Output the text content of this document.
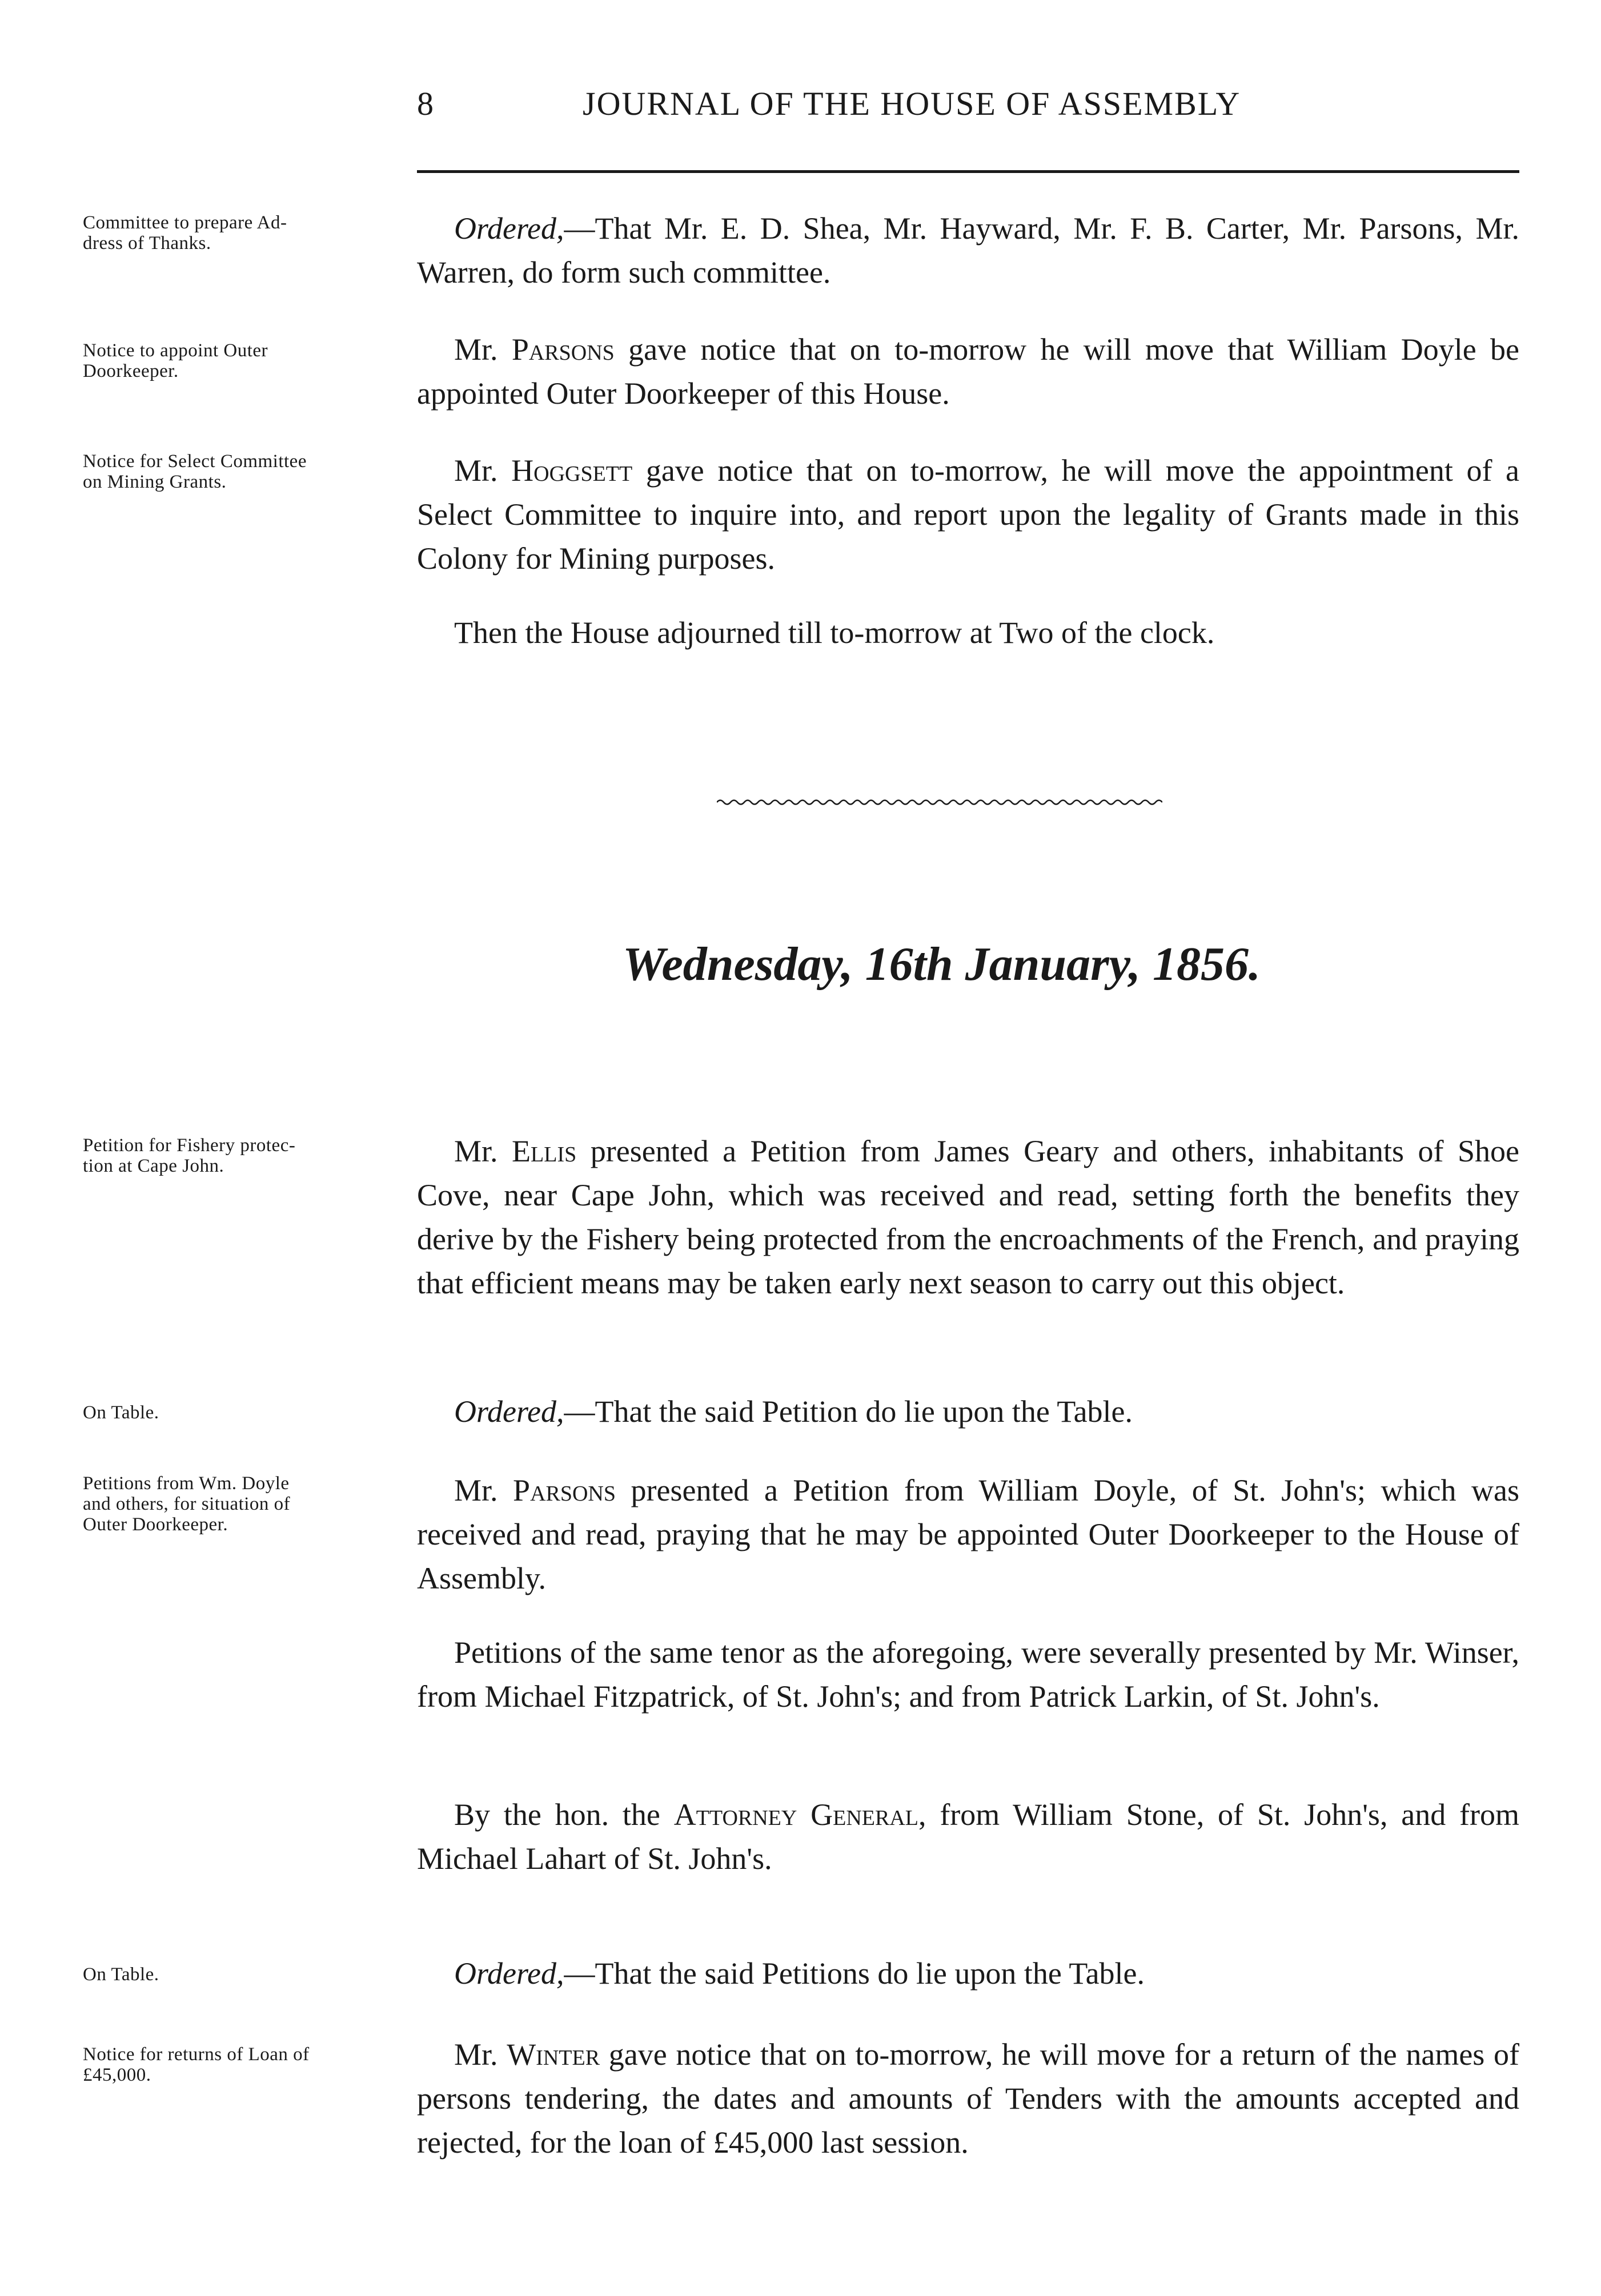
8	JOURNAL OF THE HOUSE OF ASSEMBLY
Committee to prepare Ad-
dress of Thanks.
Notice to appoint Outer
Doorkeeper.
Notice for Select Committee
on Mining Grants.
Petition for Fishery protec-
tion at Cape John.
On Table.
Petitions from Wm. Doyle
and others, for situation of
Outer Doorkeeper.
On Table.
Notice for returns of Loan of
£45,000.
Ordered,—That Mr. E. D. Shea, Mr. Hayward, Mr. F. B. Carter, Mr. Parsons, Mr. Warren, do form such committee.
Mr. Parsons gave notice that on to-morrow he will move that William Doyle be appointed Outer Doorkeeper of this House.
Mr. Hoggsett gave notice that on to-morrow, he will move the appointment of a Select Committee to inquire into, and report upon the legality of Grants made in this Colony for Mining purposes.
Then the House adjourned till to-morrow at Two of the clock.
Wednesday, 16th January, 1856.
Mr. Ellis presented a Petition from James Geary and others, inhabitants of Shoe Cove, near Cape John, which was received and read, setting forth the benefits they derive by the Fishery being protected from the encroachments of the French, and praying that efficient means may be taken early next season to carry out this object.
Ordered,—That the said Petition do lie upon the Table.
Mr. Parsons presented a Petition from William Doyle, of St. John's; which was received and read, praying that he may be appointed Outer Doorkeeper to the House of Assembly.
Petitions of the same tenor as the aforegoing, were severally presented by Mr. Winser, from Michael Fitzpatrick, of St. John's; and from Patrick Larkin, of St. John's.
By the hon. the Attorney General, from William Stone, of St. John's, and from Michael Lahart of St. John's.
Ordered,—That the said Petitions do lie upon the Table.
Mr. Winter gave notice that on to-morrow, he will move for a return of the names of persons tendering, the dates and amounts of Tenders with the amounts accepted and rejected, for the loan of £45,000 last session.
